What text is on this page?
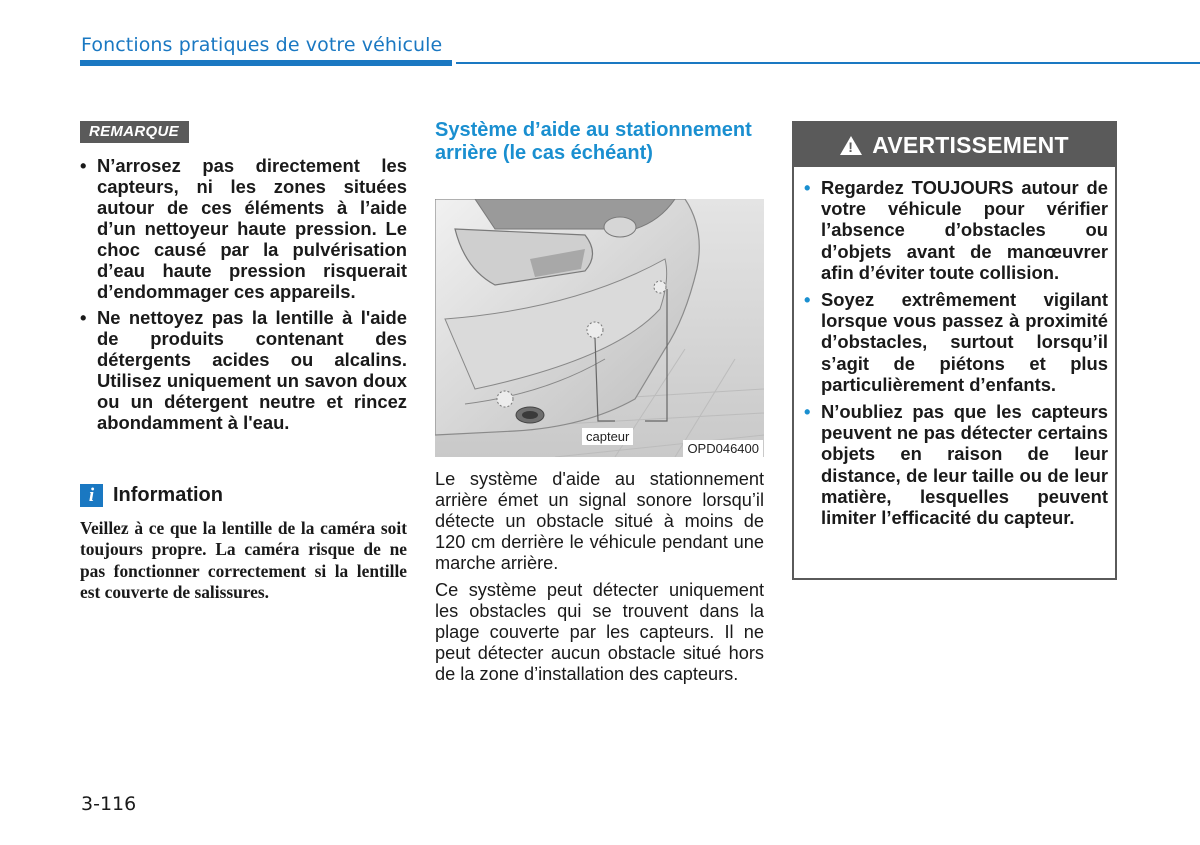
Fonctions pratiques de votre véhicule
REMARQUE
• N’arrosez pas directement les capteurs, ni les zones situées autour de ces éléments à l’aide d’un nettoyeur haute pression. Le choc causé par la pulvérisation d’eau haute pression risquerait d’endommager ces appareils.
• Ne nettoyez pas la lentille à l'aide de produits contenant des détergents acides ou alcalins. Utilisez uniquement un savon doux ou un détergent neutre et rincez abondamment à l'eau.
i Information
Veillez à ce que la lentille de la caméra soit toujours propre. La caméra risque de ne pas fonctionner correctement si la lentille est couverte de salissures.
Système d’aide au stationnement arrière (le cas échéant)
capteur
OPD046400
Le système d'aide au stationnement arrière émet un signal sonore lorsqu’il détecte un obstacle situé à moins de 120 cm derrière le véhicule pendant une marche arrière.
Ce système peut détecter uniquement les obstacles qui se trouvent dans la plage couverte par les capteurs. Il ne peut détecter aucun obstacle situé hors de la zone d’installation des capteurs.
! AVERTISSEMENT
• Regardez TOUJOURS autour de votre véhicule pour vérifier l’absence d’obstacles ou d’objets avant de manœuvrer afin d’éviter toute collision.
• Soyez extrêmement vigilant lorsque vous passez à proximité d’obstacles, surtout lorsqu’il s’agit de piétons et plus particulièrement d’enfants.
• N’oubliez pas que les capteurs peuvent ne pas détecter certains objets en raison de leur distance, de leur taille ou de leur matière, lesquelles peuvent limiter l’efficacité du capteur.
3-116
